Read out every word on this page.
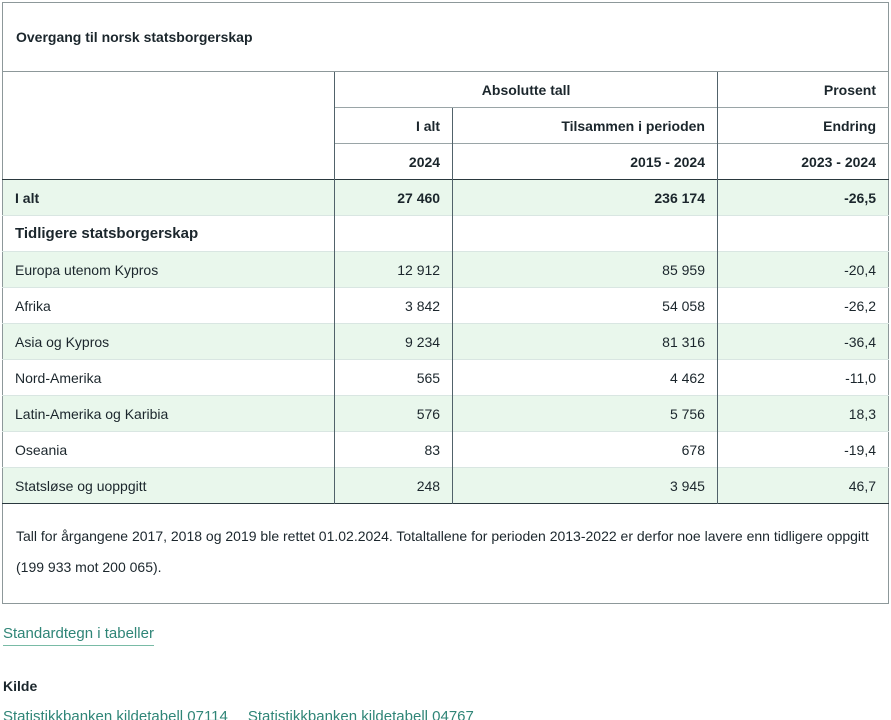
Overgang til norsk statsborgerskap			
	Absolutte tall		Prosent
	I alt	Tilsammen i perioden	Endring
	2024	2015 - 2024	2023 - 2024
I alt	27 460	236 174	-26,5
Tidligere statsborgerskap			
Europa utenom Kypros	12 912	85 959	-20,4
Afrika	3 842	54 058	-26,2
Asia og Kypros	9 234	81 316	-36,4
Nord-Amerika	565	4 462	-11,0
Latin-Amerika og Karibia	576	5 756	18,3
Oseania	83	678	-19,4
Statsløse og uoppgitt	248	3 945	46,7
Tall for årgangene 2017, 2018 og 2019 ble rettet 01.02.2024. Totaltallene for perioden 2013-2022 er derfor noe lavere enn tidligere oppgitt (199 933 mot 200 065).			
Standardtegn i tabeller
Kilde
Statistikkbanken kildetabell 07114 Statistikkbanken kildetabell 04767
